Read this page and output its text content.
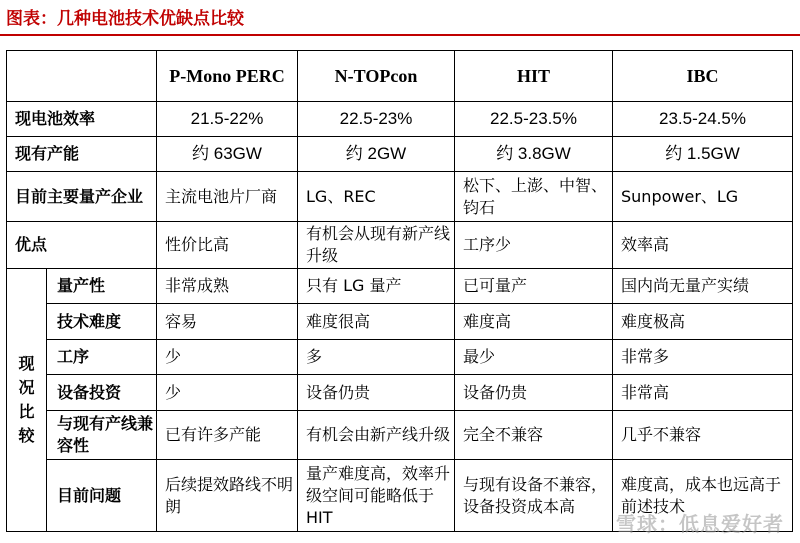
图表：几种电池技术优缺点比较
		P-Mono PERC	N-TOPcon	HIT	IBC
现电池效率		21.5-22%	22.5-23%	22.5-23.5%	23.5-24.5%
现有产能		约 63GW	约 2GW	约 3.8GW	约 1.5GW
目前主要量产企业		主流电池片厂商	LG、REC	松下、上澎、中智、钧石	Sunpower、LG
优点		性价比高	有机会从现有新产线升级	工序少	效率高

现况比较	量产性	非常成熟	只有 LG 量产	已可量产	国内尚无量产实绩
	技术难度	容易	难度很高	难度高	难度极高
	工序	少	多	最少	非常多
	设备投资	少	设备仍贵	设备仍贵	非常高
	与现有产线兼容性	已有许多产能	有机会由新产线升级	完全不兼容	几乎不兼容
	目前问题	后续提效路线不明朗	量产难度高，效率升级空间可能略低于 HIT	与现有设备不兼容，设备投资成本高	难度高，成本也远高于前述技术
雪球：低息爱好者
